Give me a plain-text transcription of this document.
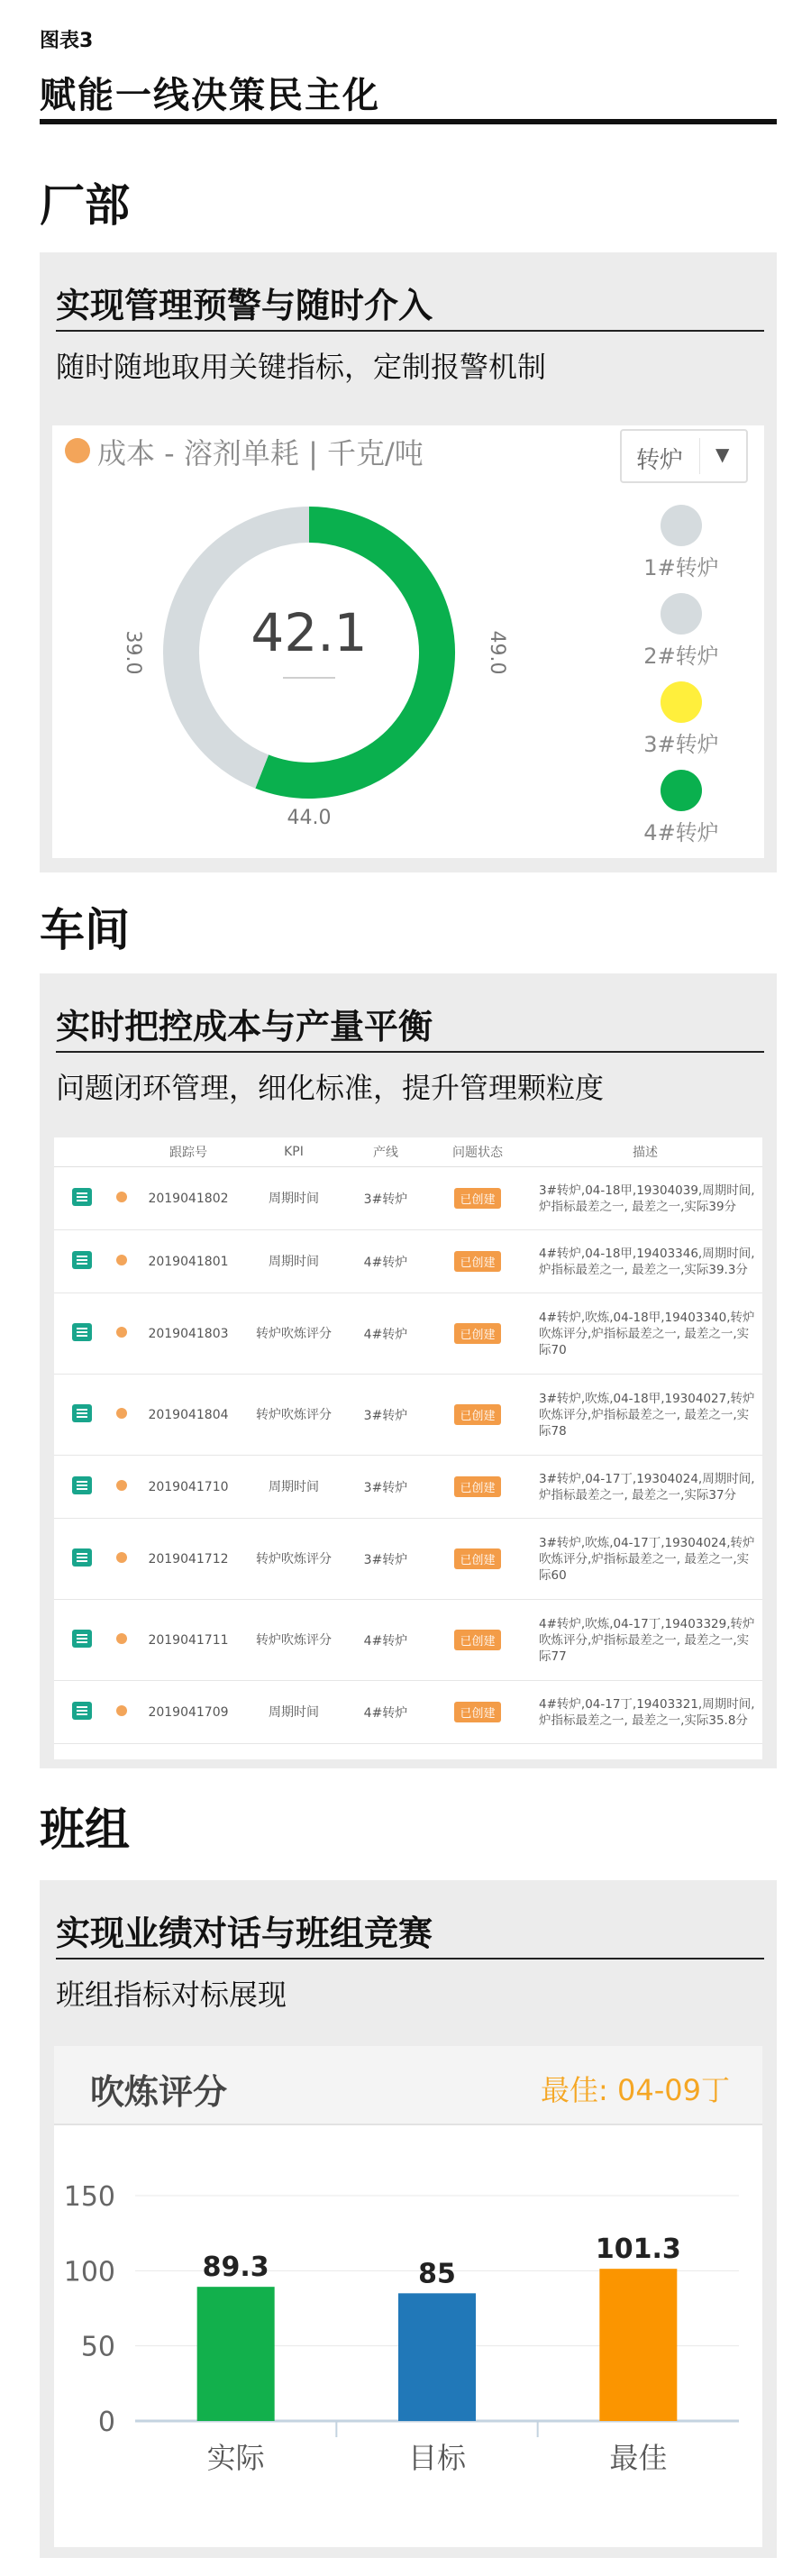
图表3
赋能一线决策民主化
厂部
实现管理预警与随时介入
随时随地取用关键指标，定制报警机制
成本 - 溶剂单耗 | 千克/吨	转炉 ▼
42.1	49.0
44.0
39.0
1#转炉
2#转炉
3#转炉
4#转炉
车间
实时把控成本与产量平衡
问题闭环管理，细化标准，提升管理颗粒度
		跟踪号	KPI	产线	问题状态	描述
		2019041802	周期时间	3#转炉	已创建	3#转炉,04-18甲,19304039,周期时间,炉指标最差之一, 最差之一,实际39分
		2019041801	周期时间	4#转炉	已创建	4#转炉,04-18甲,19403346,周期时间,炉指标最差之一, 最差之一,实际39.3分
		2019041803	转炉吹炼评分	4#转炉	已创建	4#转炉,吹炼,04-18甲,19403340,转炉吹炼评分,炉指标最差之一, 最差之一,实际70
		2019041804	转炉吹炼评分	3#转炉	已创建	3#转炉,吹炼,04-18甲,19304027,转炉吹炼评分,炉指标最差之一, 最差之一,实际78
		2019041710	周期时间	3#转炉	已创建	3#转炉,04-17丁,19304024,周期时间,炉指标最差之一, 最差之一,实际37分
		2019041712	转炉吹炼评分	3#转炉	已创建	3#转炉,吹炼,04-17丁,19304024,转炉吹炼评分,炉指标最差之一, 最差之一,实际60
		2019041711	转炉吹炼评分	4#转炉	已创建	4#转炉,吹炼,04-17丁,19403329,转炉吹炼评分,炉指标最差之一, 最差之一,实际77
		2019041709	周期时间	4#转炉	已创建	4#转炉,04-17丁,19403321,周期时间,炉指标最差之一, 最差之一,实际35.8分
班组
实现业绩对话与班组竞赛
班组指标对标展现
吹炼评分	最佳: 04-09丁
0
50
100
150
89.3	85
101.3
实际	目标	最佳
